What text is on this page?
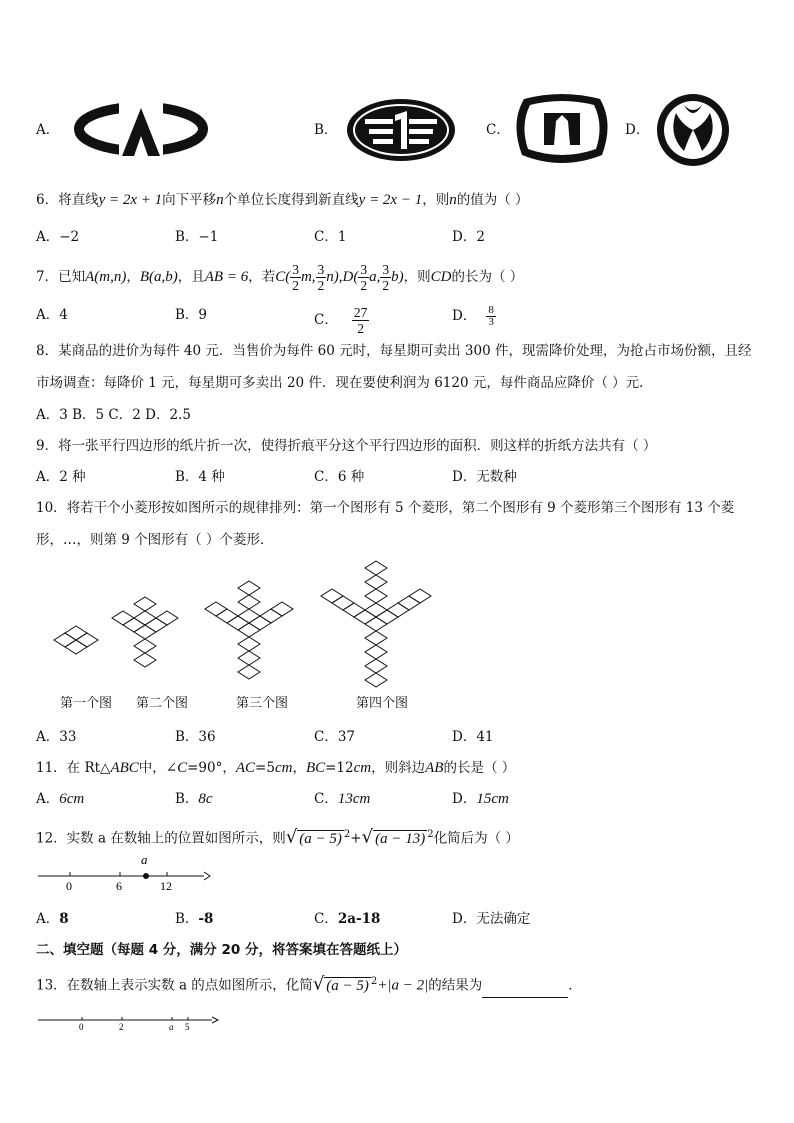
A．	B．	C．	D．
6．将直线y = 2x + 1向下平移n个单位长度得到新直线y = 2x − 1，则n的值为（ ）
A．−2	B．−1	C．1	D．2
7．已知A(m,n)，B(a,b)，且AB = 6，若$C( \frac{3}{2} m$, $\frac{3}{2} n),D( \frac{3}{2} a$, $\frac{3}{2} b$)，则CD的长为（ ）
A．4	B．9	C． $\frac{27}{2}$	D． $\frac{8}{3}$
8．某商品的进价为每件 40 元．当售价为每件 60 元时，每星期可卖出 300 件，现需降价处理，为抢占市场份额，且经
市场调查：每降价 1 元，每星期可多卖出 20 件．现在要使利润为 6120 元，每件商品应降价（ ）元．
A．3 B．5 C．2 D．2.5
9．将一张平行四边形的纸片折一次，使得折痕平分这个平行四边形的面积．则这样的折纸方法共有（ ）
A．2 种	B．4 种	C．6 种	D．无数种
10．将若干个小菱形按如图所示的规律排列：第一个图形有 5 个菱形，第二个图形有 9 个菱形第三个图形有 13 个菱
形，…，则第 9 个图形有（ ）个菱形．
第一个图 第二个图	第三个图	第四个图
A．33	B．36	C．37	D．41
11．在 Rt△ABC中，∠C=90°，AC=5cm，BC=12cm，则斜边AB的长是（ ）
A．6cm	B．8c	C．13cm	D．15cm
12．实数 a 在数轴上的位置如图所示，则√ (a − 5) $^2$+√ (a − 13) $^2$化简后为（ ）
a
0	6	12
A．8	B．-8	C．2a-18	D．无法确定
二、填空题（每题 4 分，满分 20 分，将答案填在答题纸上）
13．在数轴上表示实数 a 的点如图所示，化简√ (a − 5) $^2$+|a − 2|的结果为	．
0	2	a 5
